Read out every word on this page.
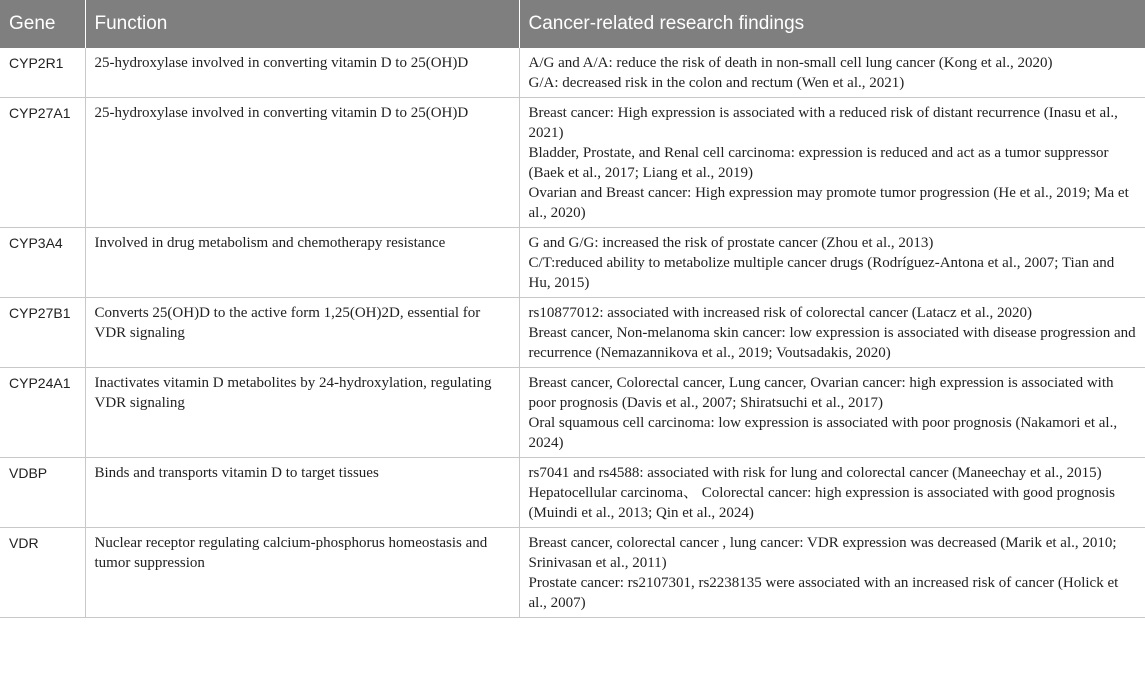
Gene	Function	Cancer-related research findings
CYP2R1	25-hydroxylase involved in converting vitamin D to 25(OH)D	A/G and A/A: reduce the risk of death in non-small cell lung cancer (Kong et al., 2020)
G/A: decreased risk in the colon and rectum (Wen et al., 2021)

CYP27A1	25-hydroxylase involved in converting vitamin D to 25(OH)D	Breast cancer: High expression is associated with a reduced risk of distant recurrence (Inasu et al., 2021)
Bladder, Prostate, and Renal cell carcinoma: expression is reduced and act as a tumor suppressor (Baek et al., 2017; Liang et al., 2019)
Ovarian and Breast cancer: High expression may promote tumor progression (He et al., 2019; Ma et al., 2020)

CYP3A4	Involved in drug metabolism and chemotherapy resistance	G and G/G: increased the risk of prostate cancer (Zhou et al., 2013)
C/T:reduced ability to metabolize multiple cancer drugs (Rodríguez-Antona et al., 2007; Tian and Hu, 2015)

CYP27B1	Converts 25(OH)D to the active form 1,25(OH)2D, essential for VDR signaling	rs10877012: associated with increased risk of colorectal cancer (Latacz et al., 2020)
Breast cancer, Non-melanoma skin cancer: low expression is associated with disease progression and recurrence (Nemazannikova et al., 2019; Voutsadakis, 2020)

CYP24A1	Inactivates vitamin D metabolites by 24-hydroxylation, regulating VDR signaling	Breast cancer, Colorectal cancer, Lung cancer, Ovarian cancer: high expression is associated with poor prognosis (Davis et al., 2007; Shiratsuchi et al., 2017)
Oral squamous cell carcinoma: low expression is associated with poor prognosis (Nakamori et al., 2024)

VDBP	Binds and transports vitamin D to target tissues	rs7041 and rs4588: associated with risk for lung and colorectal cancer (Maneechay et al., 2015)
Hepatocellular carcinoma、 Colorectal cancer: high expression is associated with good prognosis (Muindi et al., 2013; Qin et al., 2024)

VDR	Nuclear receptor regulating calcium-phosphorus homeostasis and tumor suppression	Breast cancer, colorectal cancer , lung cancer: VDR expression was decreased (Marik et al., 2010; Srinivasan et al., 2011)
Prostate cancer: rs2107301, rs2238135 were associated with an increased risk of cancer (Holick et al., 2007)
